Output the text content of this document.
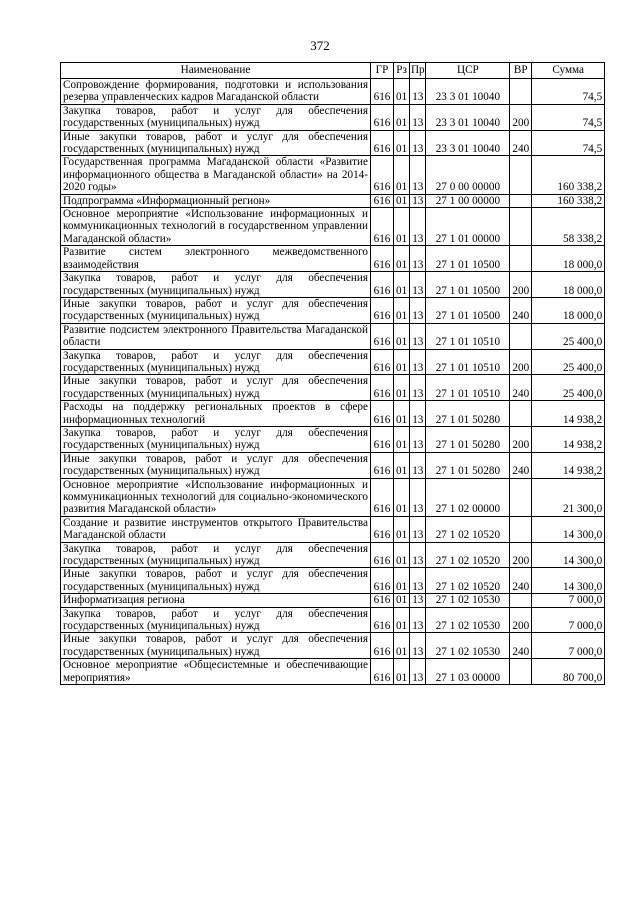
372
Наименование	ГР	Рз	Пр	ЦСР	ВР	Сумма
Сопровождение формирования, подготовки и использования резерва управленческих кадров Магаданской области	616	01	13	23 3 01 10040		74,5
Закупка товаров, работ и услуг для обеспечения государственных (муниципальных) нужд	616	01	13	23 3 01 10040	200	74,5
Иные закупки товаров, работ и услуг для обеспечения государственных (муниципальных) нужд	616	01	13	23 3 01 10040	240	74,5
Государственная программа Магаданской области «Развитие информационного общества в Магаданской области» на 2014-2020 годы»	616	01	13	27 0 00 00000		160 338,2
Подпрограмма «Информационный регион»	616	01	13	27 1 00 00000		160 338,2
Основное мероприятие «Использование информационных и коммуникационных технологий в государственном управлении Магаданской области»	616	01	13	27 1 01 00000		58 338,2
Развитие систем электронного межведомственного взаимодействия	616	01	13	27 1 01 10500		18 000,0
Закупка товаров, работ и услуг для обеспечения государственных (муниципальных) нужд	616	01	13	27 1 01 10500	200	18 000,0
Иные закупки товаров, работ и услуг для обеспечения государственных (муниципальных) нужд	616	01	13	27 1 01 10500	240	18 000,0
Развитие подсистем электронного Правительства Магаданской области	616	01	13	27 1 01 10510		25 400,0
Закупка товаров, работ и услуг для обеспечения государственных (муниципальных) нужд	616	01	13	27 1 01 10510	200	25 400,0
Иные закупки товаров, работ и услуг для обеспечения государственных (муниципальных) нужд	616	01	13	27 1 01 10510	240	25 400,0
Расходы на поддержку региональных проектов в сфере информационных технологий	616	01	13	27 1 01 50280		14 938,2
Закупка товаров, работ и услуг для обеспечения государственных (муниципальных) нужд	616	01	13	27 1 01 50280	200	14 938,2
Иные закупки товаров, работ и услуг для обеспечения государственных (муниципальных) нужд	616	01	13	27 1 01 50280	240	14 938,2
Основное мероприятие «Использование информационных и коммуникационных технологий для социально-экономического развития Магаданской области»	616	01	13	27 1 02 00000		21 300,0
Создание и развитие инструментов открытого Правительства Магаданской области	616	01	13	27 1 02 10520		14 300,0
Закупка товаров, работ и услуг для обеспечения государственных (муниципальных) нужд	616	01	13	27 1 02 10520	200	14 300,0
Иные закупки товаров, работ и услуг для обеспечения государственных (муниципальных) нужд	616	01	13	27 1 02 10520	240	14 300,0
Информатизация региона	616	01	13	27 1 02 10530		7 000,0
Закупка товаров, работ и услуг для обеспечения государственных (муниципальных) нужд	616	01	13	27 1 02 10530	200	7 000,0
Иные закупки товаров, работ и услуг для обеспечения государственных (муниципальных) нужд	616	01	13	27 1 02 10530	240	7 000,0
Основное мероприятие «Общесистемные и обеспечивающие мероприятия»	616	01	13	27 1 03 00000		80 700,0
